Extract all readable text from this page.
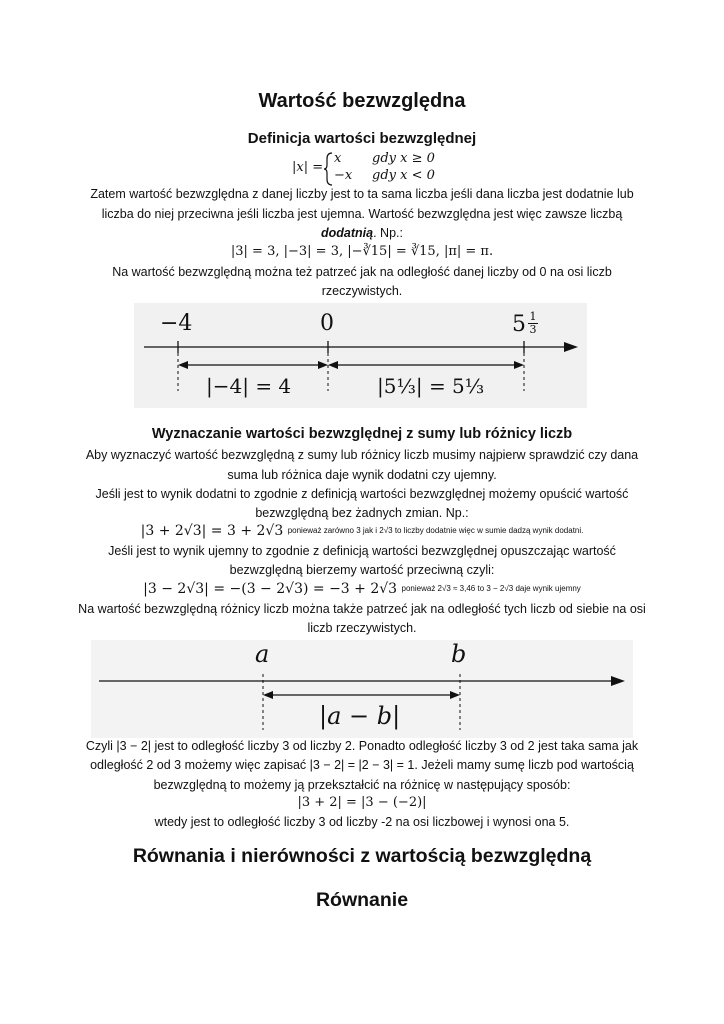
Wartość bezwzględna
Definicja wartości bezwzględnej
|x| =
x gdy x ≥ 0
−x gdy x < 0
Zatem wartość bezwzględna z danej liczby jest to ta sama liczba jeśli dana liczba jest dodatnie lub
liczba do niej przeciwna jeśli liczba jest ujemna. Wartość bezwzględna jest więc zawsze liczbą
dodatnią. Np.:
|3| = 3, |−3| = 3, |−∛15| = ∛15, |π| = π.
Na wartość bezwzględną można też patrzeć jak na odległość danej liczby od 0 na osi liczb
rzeczywistych.
−4	0	$5 \frac{1}{3}$
|−4| = 4	|5⅓| = 5⅓
Wyznaczanie wartości bezwzględnej z sumy lub różnicy liczb
Aby wyznaczyć wartość bezwzględną z sumy lub różnicy liczb musimy najpierw sprawdzić czy dana
suma lub różnica daje wynik dodatni czy ujemny.
Jeśli jest to wynik dodatni to zgodnie z definicją wartości bezwzględnej możemy opuścić wartość
bezwzględną bez żadnych zmian. Np.:
|3 + 2√3| = 3 + 2√3 ponieważ zarówno 3 jak i 2√3 to liczby dodatnie więc w sumie dadzą wynik dodatni.
Jeśli jest to wynik ujemny to zgodnie z definicją wartości bezwzględnej opuszczając wartość
bezwzględną bierzemy wartość przeciwną czyli:
|3 − 2√3| = −(3 − 2√3) = −3 + 2√3 ponieważ 2√3 ≈ 3,46 to 3 − 2√3 daje wynik ujemny
Na wartość bezwzględną różnicy liczb można także patrzeć jak na odległość tych liczb od siebie na osi
liczb rzeczywistych.
a	b
|a − b|
Czyli |3 − 2| jest to odległość liczby 3 od liczby 2. Ponadto odległość liczby 3 od 2 jest taka sama jak
odległość 2 od 3 możemy więc zapisać |3 − 2| = |2 − 3| = 1. Jeżeli mamy sumę liczb pod wartością
bezwzględną to możemy ją przekształcić na różnicę w następujący sposób:
|3 + 2| = |3 − (−2)|
wtedy jest to odległość liczby 3 od liczby -2 na osi liczbowej i wynosi ona 5.
Równania i nierówności z wartością bezwzględną
Równanie
